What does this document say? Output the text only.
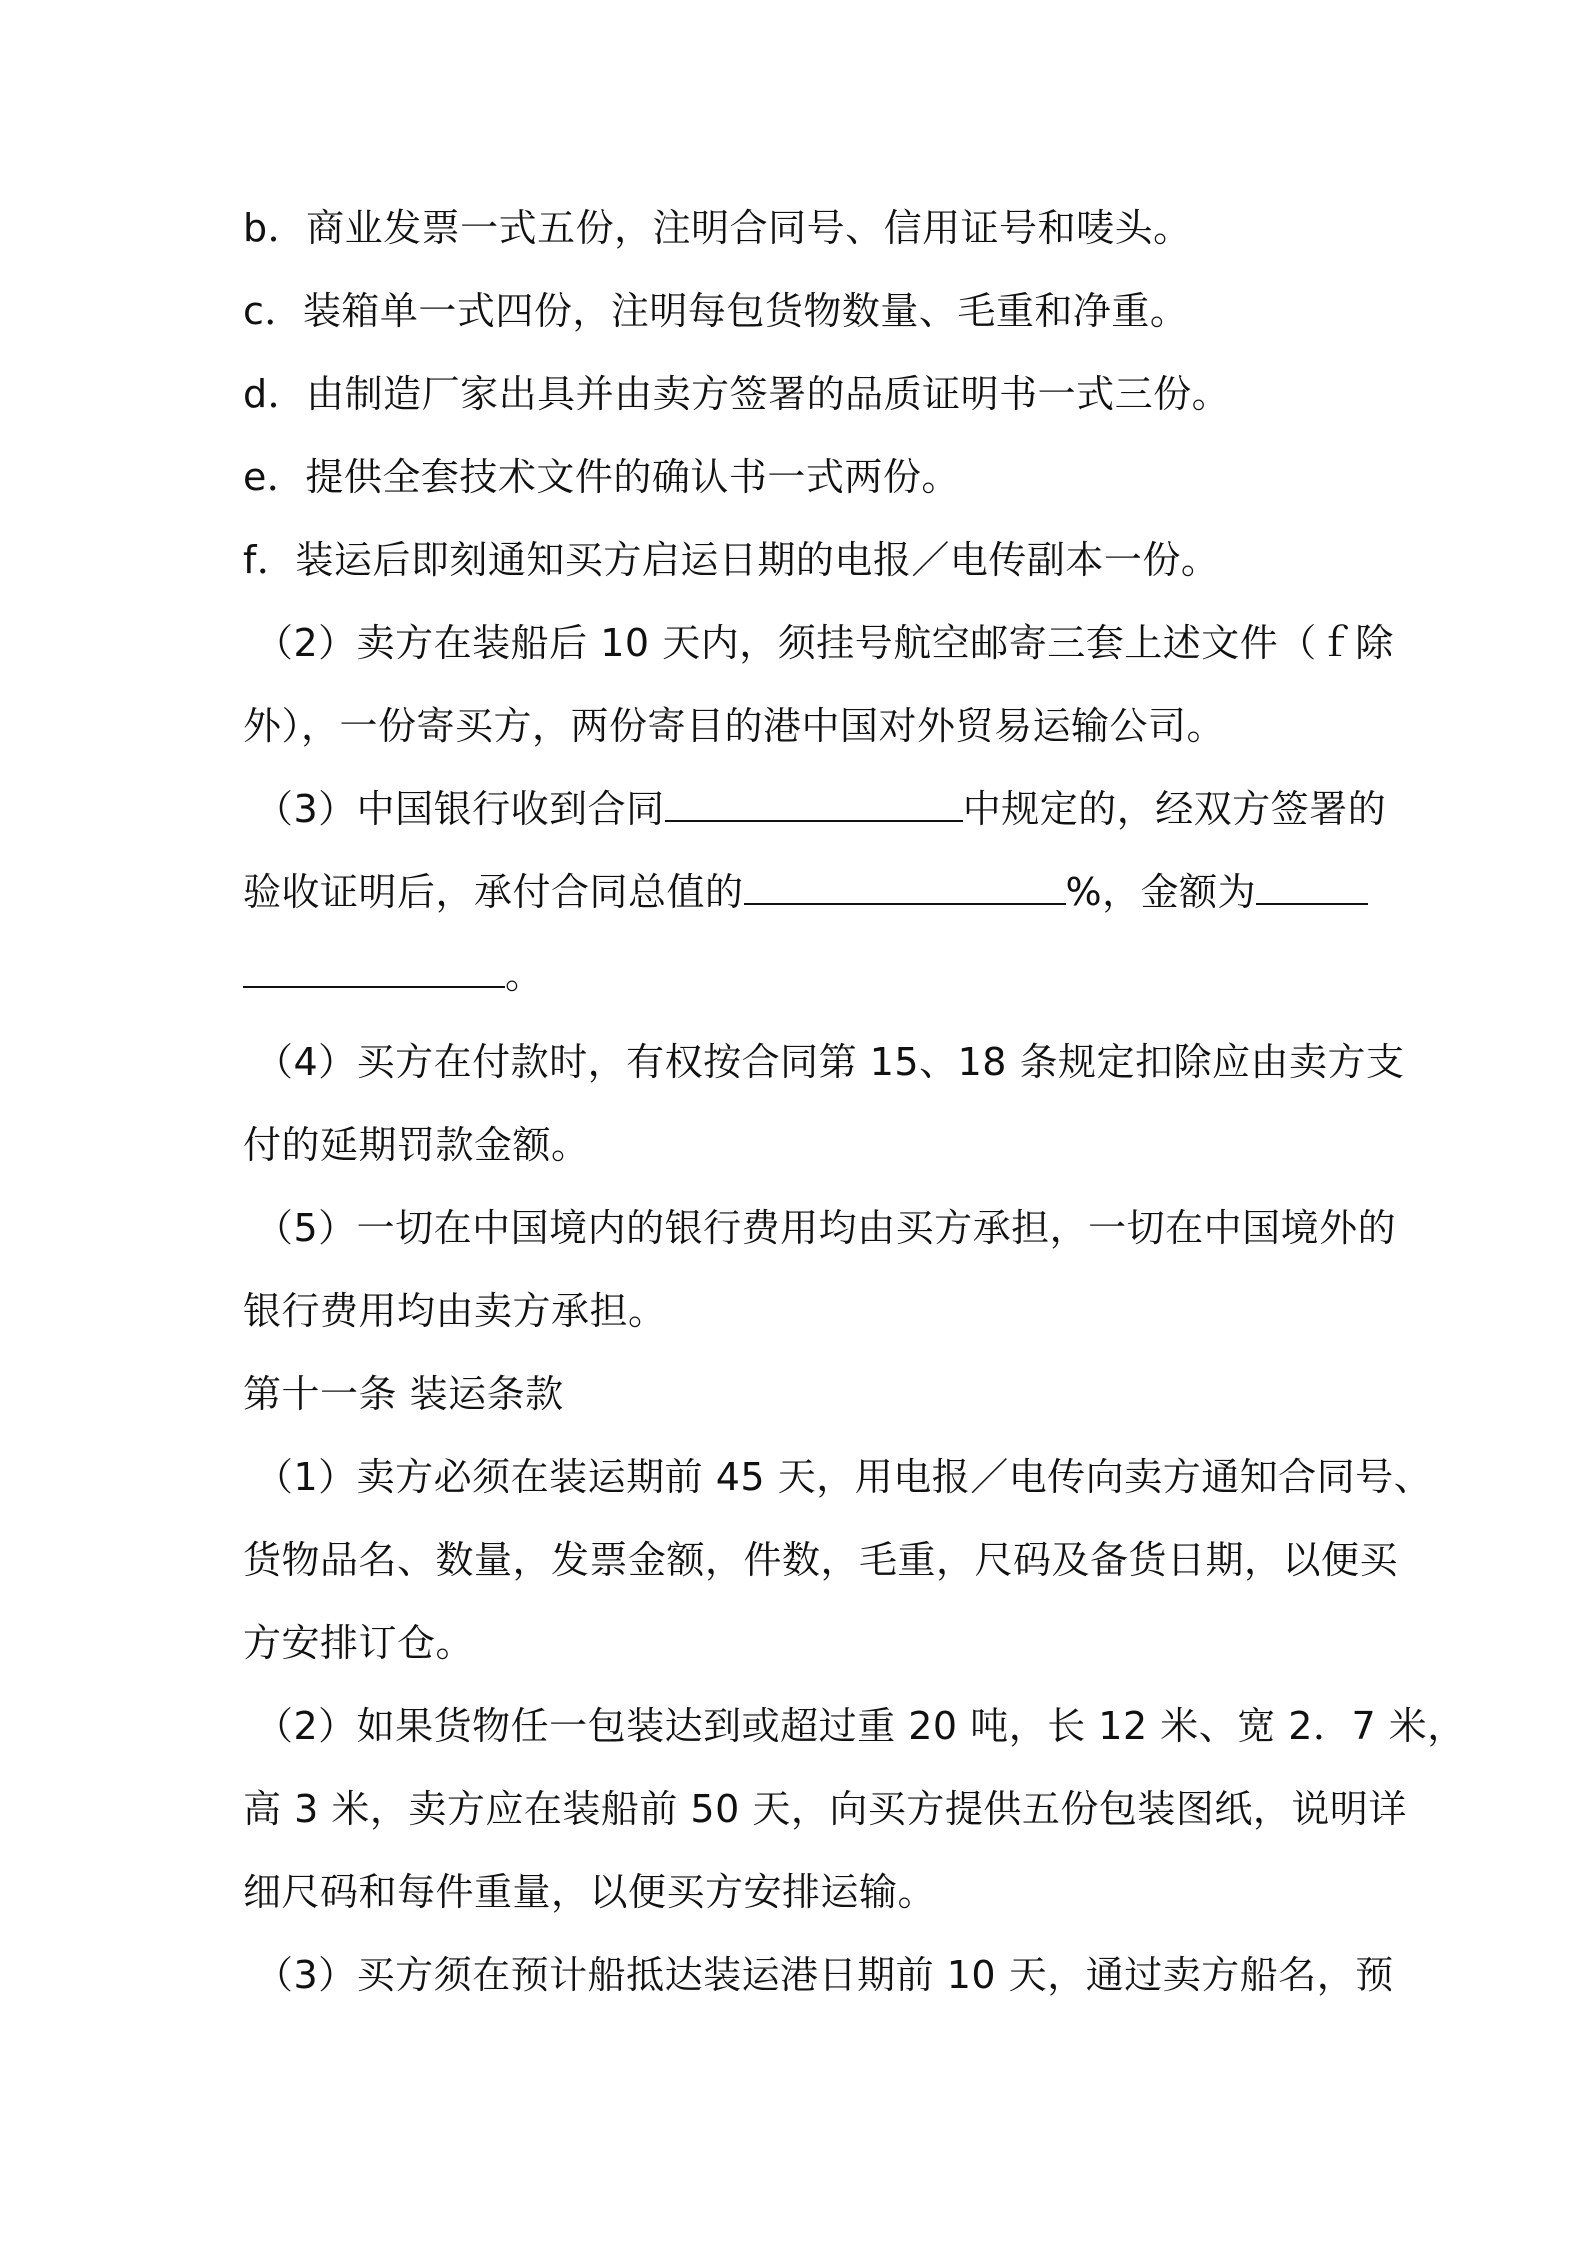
b．商业发票一式五份，注明合同号、信用证号和唛头。
c．装箱单一式四份，注明每包货物数量、毛重和净重。
d．由制造厂家出具并由卖方签署的品质证明书一式三份。
e．提供全套技术文件的确认书一式两份。
f．装运后即刻通知买方启运日期的电报／电传副本一份。
（2）卖方在装船后 10 天内，须挂号航空邮寄三套上述文件（ｆ除
外），一份寄买方，两份寄目的港中国对外贸易运输公司。
（3）中国银行收到合同	中规定的，经双方签署的
验收证明后，承付合同总值的	%，金额为
。
（4）买方在付款时，有权按合同第 15、18 条规定扣除应由卖方支
付的延期罚款金额。
（5）一切在中国境内的银行费用均由买方承担，一切在中国境外的
银行费用均由卖方承担。
第十一条 装运条款
（1）卖方必须在装运期前 45 天，用电报／电传向卖方通知合同号、
货物品名、数量，发票金额，件数，毛重，尺码及备货日期，以便买
方安排订仓。
（2）如果货物任一包装达到或超过重 20 吨，长 12 米、宽 2．7 米，
高 3 米，卖方应在装船前 50 天，向买方提供五份包装图纸，说明详
细尺码和每件重量，以便买方安排运输。
（3）买方须在预计船抵达装运港日期前 10 天，通过卖方船名，预
